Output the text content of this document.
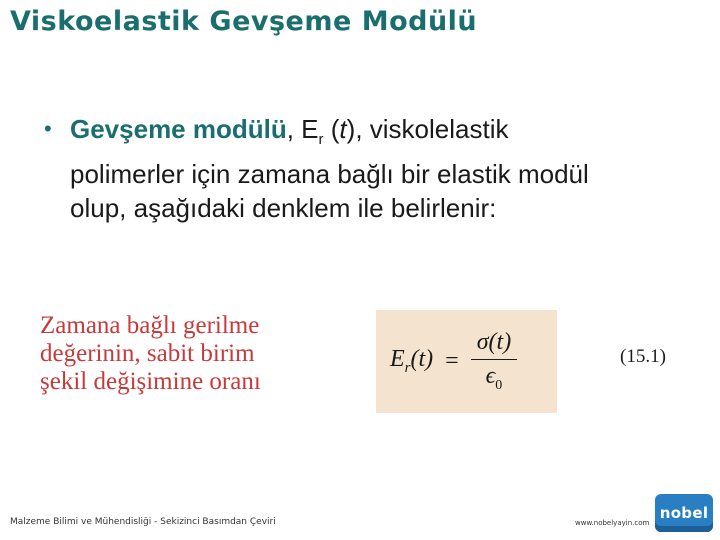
Viskoelastik Gevşeme Modülü
• Gevşeme modülü, $E_r$ (t), viskolelastik
polimerler için zamana bağlı bir elastik modül
olup, aşağıdaki denklem ile belirlenir:
Zamana bağlı gerilme
değerinin, sabit birim
şekil değişimine oranı
$E_r(t) = \frac{\sigma(t)}{\epsilon_0}$	(15.1)
Malzeme Bilimi ve Mühendisliği - Sekizinci Basımdan Çeviri	www.nobelyayin.com
nobel
